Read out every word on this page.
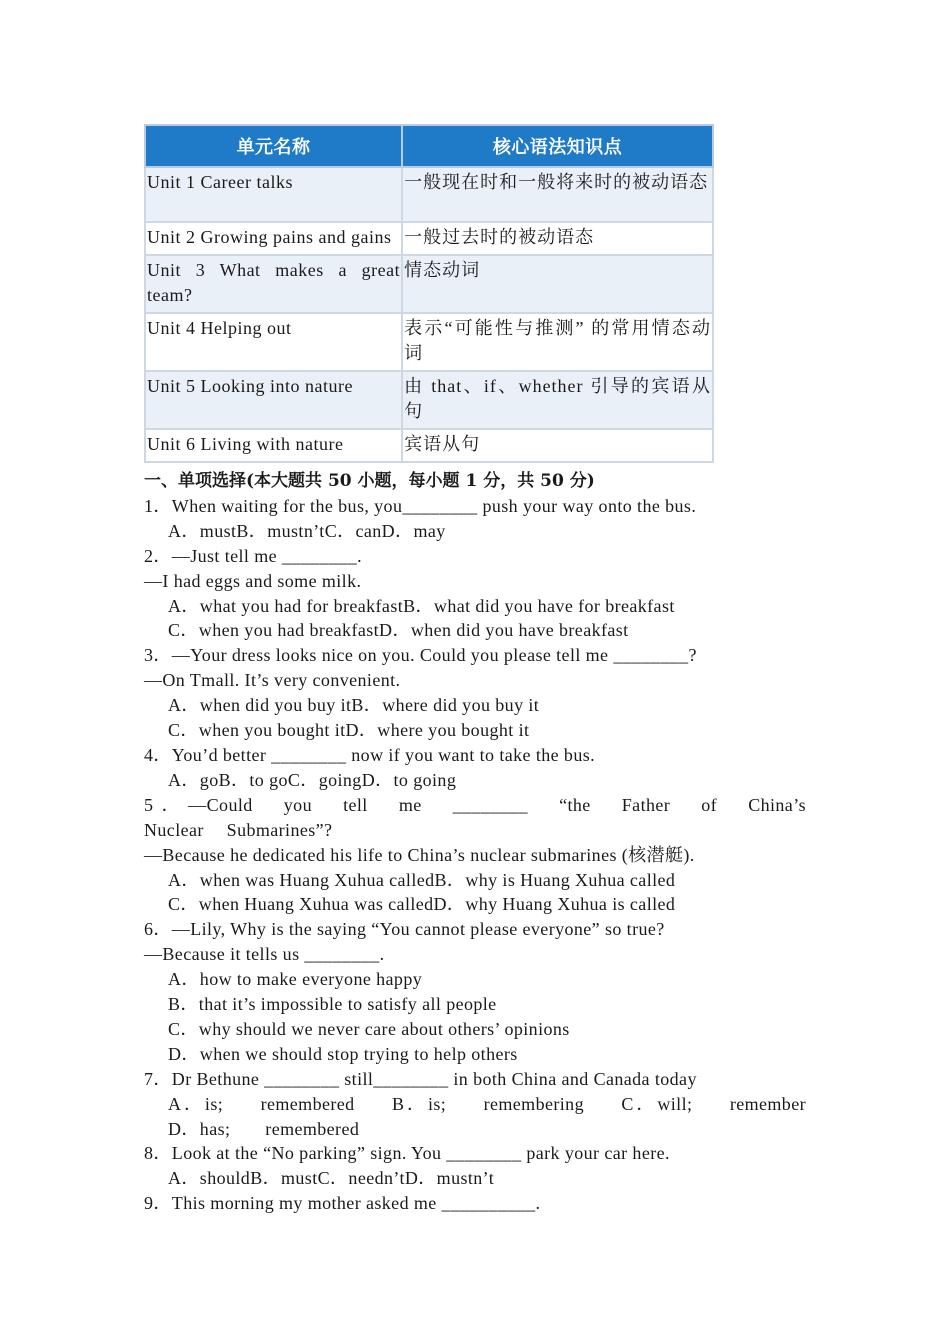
单元名称	核心语法知识点
Unit 1 Career talks	一般现在时和一般将来时的被动语态
Unit 2 Growing pains and gains	一般过去时的被动语态
Unit 3 What makes a great team?	情态动词
Unit 4 Helping out	表示“可能性与推测” 的常用情态动词
Unit 5 Looking into nature	由 that、if、whether 引导的宾语从句
Unit 6 Living with nature	宾语从句

一、单项选择(本大题共 50 小题，每小题 1 分，共 50 分)

1．When waiting for the bus, you________ push your way onto the bus.

A．mustB．mustn’tC．canD．may

2．—Just tell me ________.

—I had eggs and some milk.

A．what you had for breakfastB．what did you have for breakfast

C．when you had breakfastD．when did you have breakfast

3．—Your dress looks nice on you. Could you please tell me ________?

—On Tmall. It’s very convenient.

A．when did you buy itB．where did you buy it

C．when you bought itD．where you bought it

4．You’d better ________ now if you want to take the bus.

A．goB．to goC．goingD．to going

5．—Could you tell me ________ “the Father of China’s Nuclear Submarines”?

—Because he dedicated his life to China’s nuclear submarines (核潜艇).

A．when was Huang Xuhua calledB．why is Huang Xuhua called

C．when Huang Xuhua was calledD．why Huang Xuhua is called

6．—Lily, Why is the saying “You cannot please everyone” so true?

—Because it tells us ________.

A．how to make everyone happy

B．that it’s impossible to satisfy all people

C．why should we never care about others’ opinions

D．when we should stop trying to help others

7．Dr Bethune ________ still________ in both China and Canada today

A．is; remembered B．is; remembering C．will; remember D．has; remembered

8．Look at the “No parking” sign. You ________ park your car here.

A．shouldB．mustC．needn’tD．mustn’t

9．This morning my mother asked me __________.
